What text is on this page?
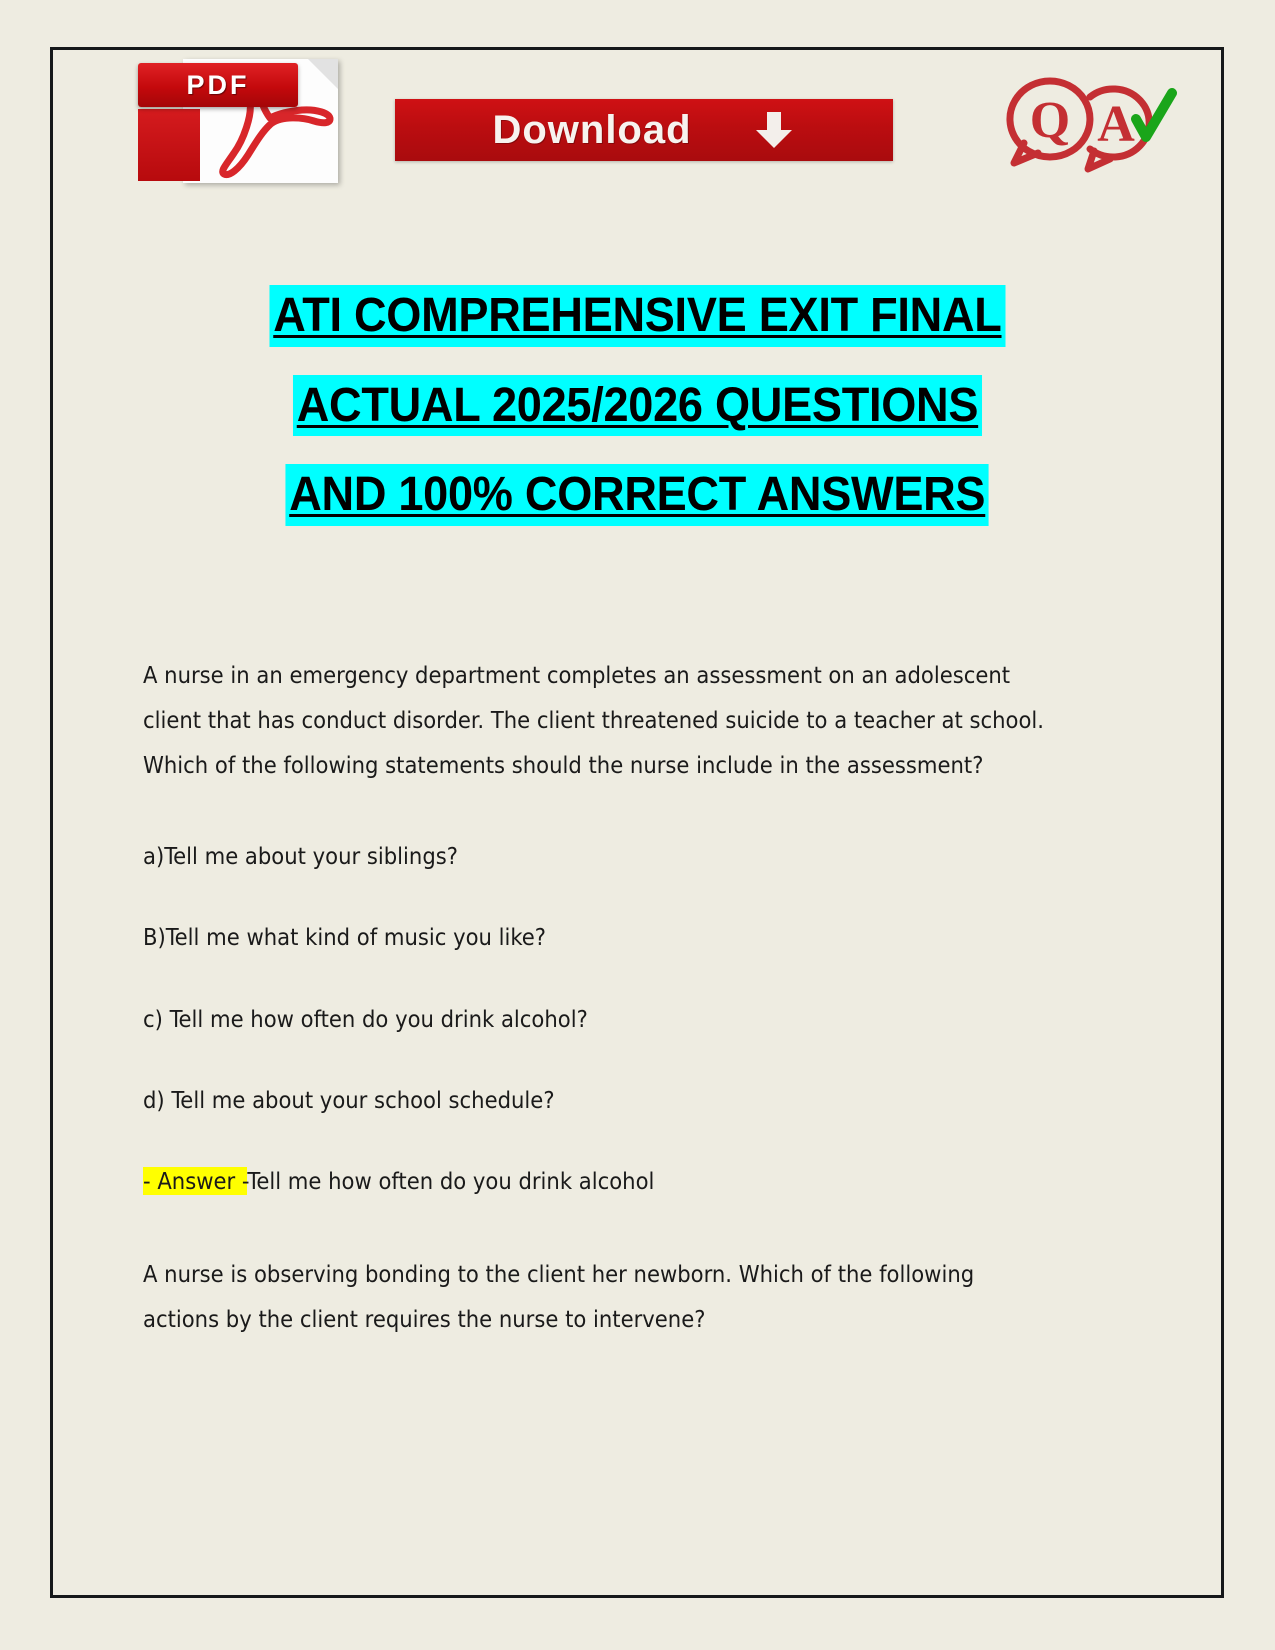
PDF
Download	Q A
ATI COMPREHENSIVE EXIT FINAL
ACTUAL 2025/2026 QUESTIONS
AND 100% CORRECT ANSWERS

A nurse in an emergency department completes an assessment on an adolescent client that has conduct disorder. The client threatened suicide to a teacher at school. Which of the following statements should the nurse include in the assessment?

a)Tell me about your siblings?

B)Tell me what kind of music you like?

c) Tell me how often do you drink alcohol?

d) Tell me about your school schedule?

- Answer -Tell me how often do you drink alcohol

A nurse is observing bonding to the client her newborn. Which of the following actions by the client requires the nurse to intervene?
